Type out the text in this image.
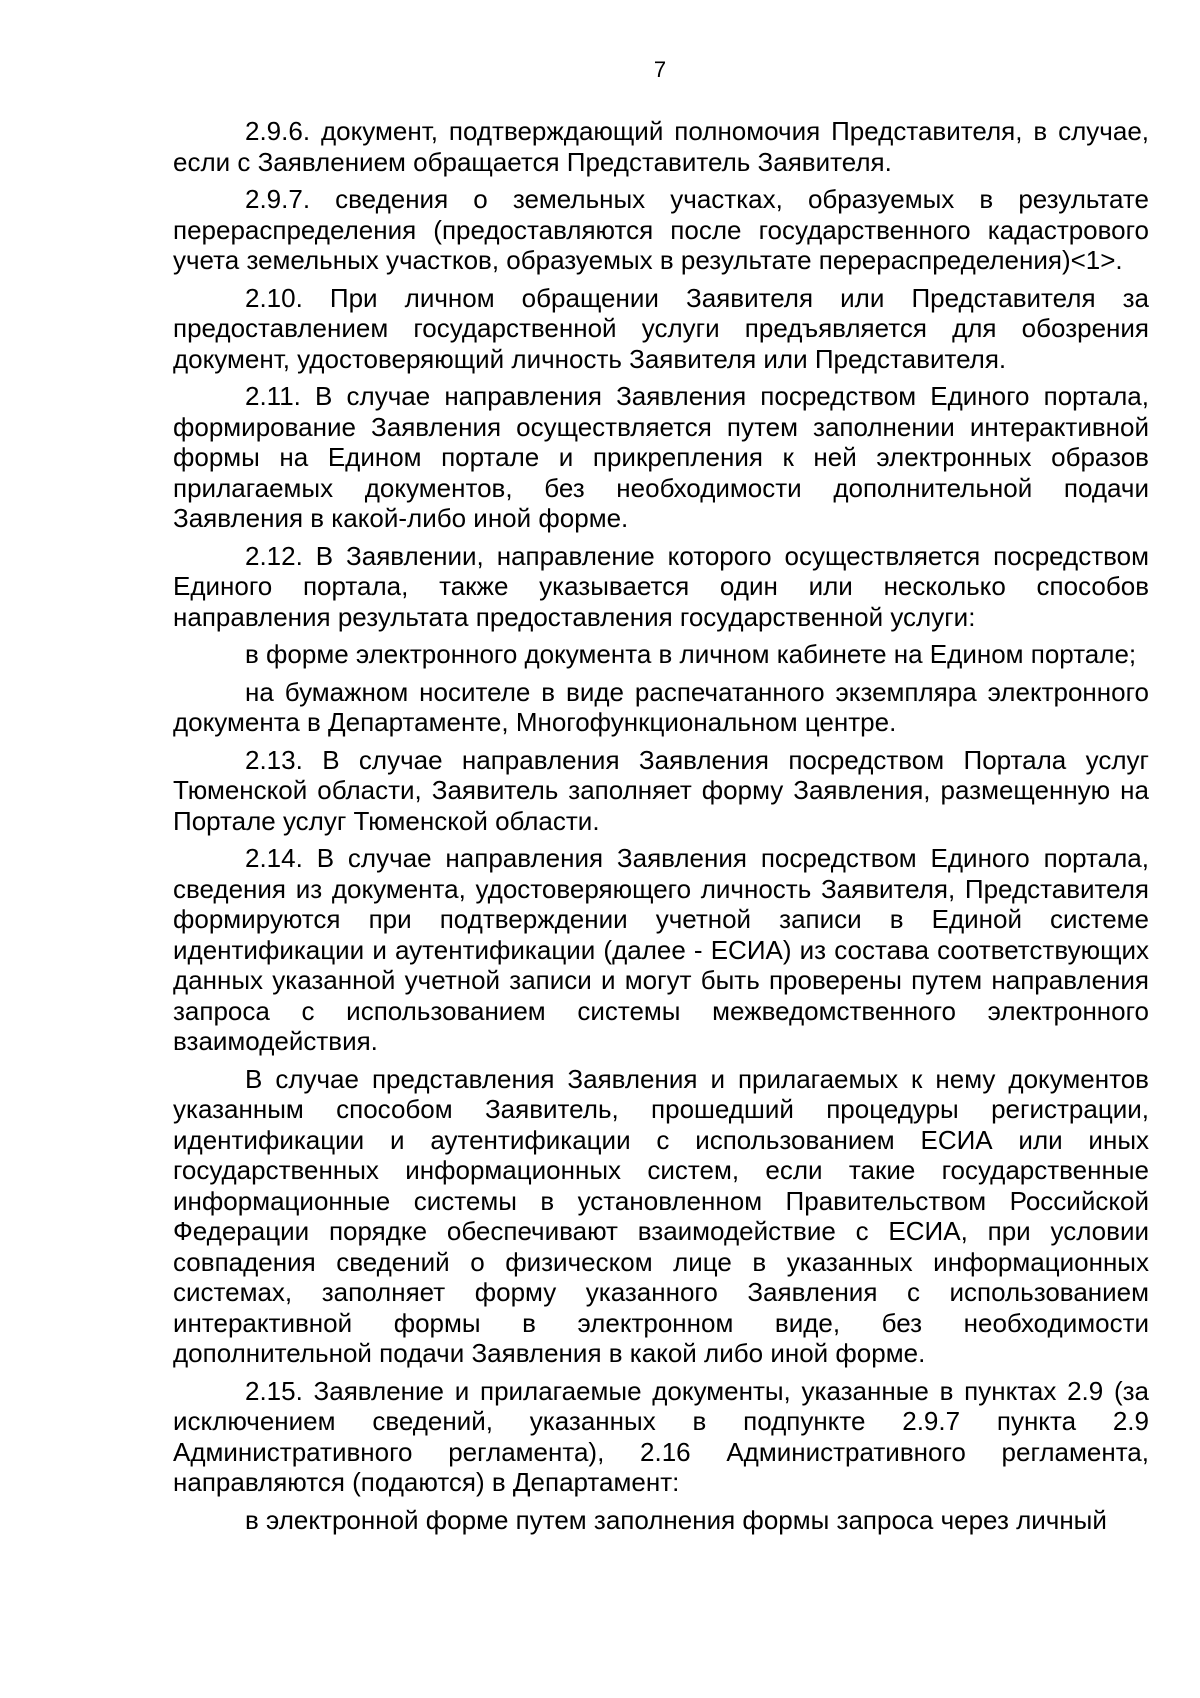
7

2.9.6. документ, подтверждающий полномочия Представителя, в случае, если с Заявлением обращается Представитель Заявителя.

2.9.7. сведения о земельных участках, образуемых в результате перераспределения (предоставляются после государственного кадастрового учета земельных участков, образуемых в результате перераспределения)<1>.

2.10. При личном обращении Заявителя или Представителя за предоставлением государственной услуги предъявляется для обозрения документ, удостоверяющий личность Заявителя или Представителя.

2.11. В случае направления Заявления посредством Единого портала, формирование Заявления осуществляется путем заполнении интерактивной формы на Едином портале и прикрепления к ней электронных образов прилагаемых документов, без необходимости дополнительной подачи Заявления в какой-либо иной форме.

2.12. В Заявлении, направление которого осуществляется посредством Единого портала, также указывается один или несколько способов направления результата предоставления государственной услуги:

в форме электронного документа в личном кабинете на Едином портале;

на бумажном носителе в виде распечатанного экземпляра электронного документа в Департаменте, Многофункциональном центре.

2.13. В случае направления Заявления посредством Портала услуг Тюменской области, Заявитель заполняет форму Заявления, размещенную на Портале услуг Тюменской области.

2.14. В случае направления Заявления посредством Единого портала, сведения из документа, удостоверяющего личность Заявителя, Представителя формируются при подтверждении учетной записи в Единой системе идентификации и аутентификации (далее - ЕСИА) из состава соответствующих данных указанной учетной записи и могут быть проверены путем направления запроса с использованием системы межведомственного электронного взаимодействия.

В случае представления Заявления и прилагаемых к нему документов указанным способом Заявитель, прошедший процедуры регистрации, идентификации и аутентификации с использованием ЕСИА или иных государственных информационных систем, если такие государственные информационные системы в установленном Правительством Российской Федерации порядке обеспечивают взаимодействие с ЕСИА, при условии совпадения сведений о физическом лице в указанных информационных системах, заполняет форму указанного Заявления с использованием интерактивной формы в электронном виде, без необходимости дополнительной подачи Заявления в какой либо иной форме.

2.15. Заявление и прилагаемые документы, указанные в пунктах 2.9 (за исключением сведений, указанных в подпункте 2.9.7 пункта 2.9 Административного регламента), 2.16 Административного регламента, направляются (подаются) в Департамент:

в электронной форме путем заполнения формы запроса через личный
